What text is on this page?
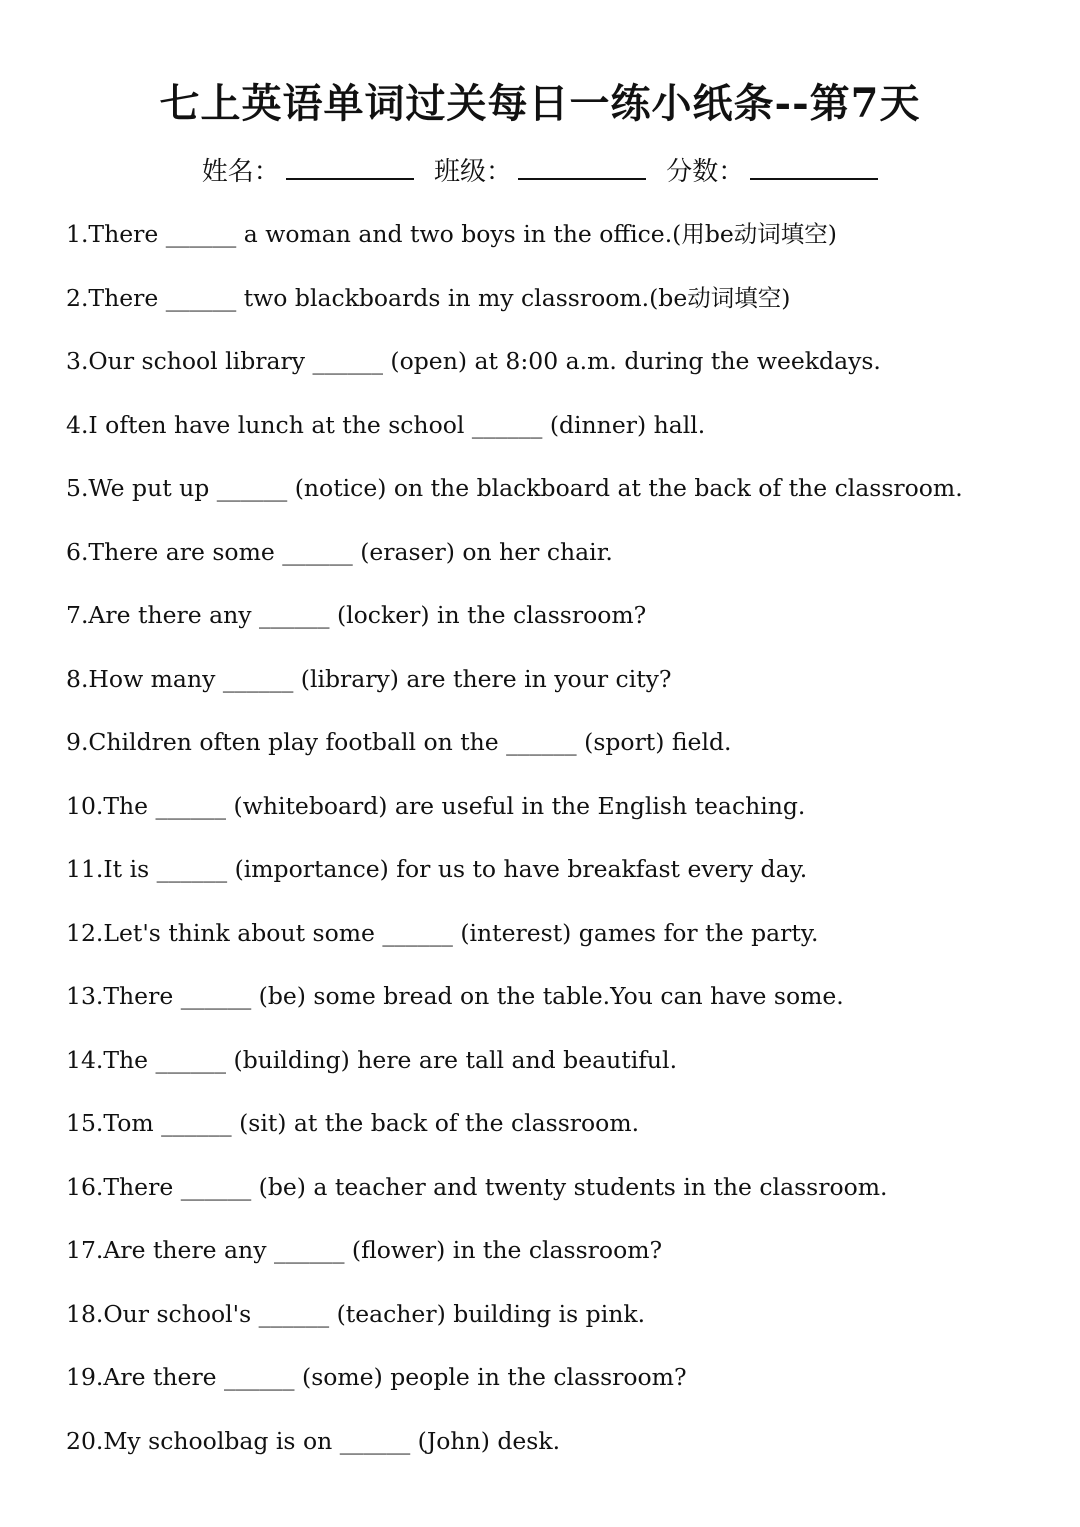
七上英语单词过关每日一练小纸条--第7天
姓名：	班级：	分数：
1.There ______ a woman and two boys in the office.(用be动词填空)
2.There ______ two blackboards in my classroom.(be动词填空)
3.Our school library ______ (open) at 8:00 a.m. during the weekdays.
4.I often have lunch at the school ______ (dinner) hall.
5.We put up ______ (notice) on the blackboard at the back of the classroom.
6.There are some ______ (eraser) on her chair.
7.Are there any ______ (locker) in the classroom?
8.How many ______ (library) are there in your city?
9.Children often play football on the ______ (sport) field.
10.The ______ (whiteboard) are useful in the English teaching.
11.It is ______ (importance) for us to have breakfast every day.
12.Let's think about some ______ (interest) games for the party.
13.There ______ (be) some bread on the table.You can have some.
14.The ______ (building) here are tall and beautiful.
15.Tom ______ (sit) at the back of the classroom.
16.There ______ (be) a teacher and twenty students in the classroom.
17.Are there any ______ (flower) in the classroom?
18.Our school's ______ (teacher) building is pink.
19.Are there ______ (some) people in the classroom?
20.My schoolbag is on ______ (John) desk.
